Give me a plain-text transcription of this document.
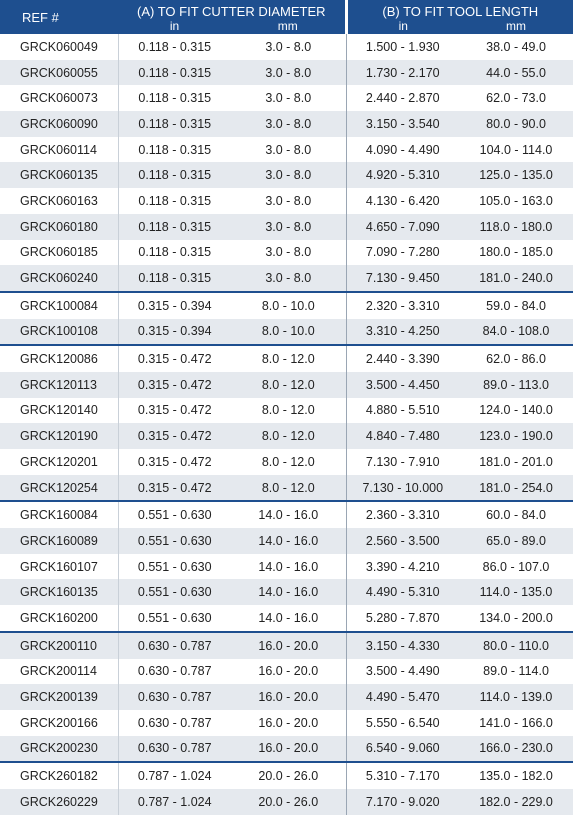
REF #	(A) TO FIT CUTTER DIAMETER		(B) TO FIT TOOL LENGTH	
	in	mm	in	mm
GRCK060049	0.118 - 0.315	3.0 - 8.0	1.500 - 1.930	38.0 - 49.0
GRCK060055	0.118 - 0.315	3.0 - 8.0	1.730 - 2.170	44.0 - 55.0
GRCK060073	0.118 - 0.315	3.0 - 8.0	2.440 - 2.870	62.0 - 73.0
GRCK060090	0.118 - 0.315	3.0 - 8.0	3.150 - 3.540	80.0 - 90.0
GRCK060114	0.118 - 0.315	3.0 - 8.0	4.090 - 4.490	104.0 - 114.0
GRCK060135	0.118 - 0.315	3.0 - 8.0	4.920 - 5.310	125.0 - 135.0
GRCK060163	0.118 - 0.315	3.0 - 8.0	4.130 - 6.420	105.0 - 163.0
GRCK060180	0.118 - 0.315	3.0 - 8.0	4.650 - 7.090	118.0 - 180.0
GRCK060185	0.118 - 0.315	3.0 - 8.0	7.090 - 7.280	180.0 - 185.0
GRCK060240	0.118 - 0.315	3.0 - 8.0	7.130 - 9.450	181.0 - 240.0
GRCK100084	0.315 - 0.394	8.0 - 10.0	2.320 - 3.310	59.0 - 84.0
GRCK100108	0.315 - 0.394	8.0 - 10.0	3.310 - 4.250	84.0 - 108.0
GRCK120086	0.315 - 0.472	8.0 - 12.0	2.440 - 3.390	62.0 - 86.0
GRCK120113	0.315 - 0.472	8.0 - 12.0	3.500 - 4.450	89.0 - 113.0
GRCK120140	0.315 - 0.472	8.0 - 12.0	4.880 - 5.510	124.0 - 140.0
GRCK120190	0.315 - 0.472	8.0 - 12.0	4.840 - 7.480	123.0 - 190.0
GRCK120201	0.315 - 0.472	8.0 - 12.0	7.130 - 7.910	181.0 - 201.0
GRCK120254	0.315 - 0.472	8.0 - 12.0	7.130 - 10.000	181.0 - 254.0
GRCK160084	0.551 - 0.630	14.0 - 16.0	2.360 - 3.310	60.0 - 84.0
GRCK160089	0.551 - 0.630	14.0 - 16.0	2.560 - 3.500	65.0 - 89.0
GRCK160107	0.551 - 0.630	14.0 - 16.0	3.390 - 4.210	86.0 - 107.0
GRCK160135	0.551 - 0.630	14.0 - 16.0	4.490 - 5.310	114.0 - 135.0
GRCK160200	0.551 - 0.630	14.0 - 16.0	5.280 - 7.870	134.0 - 200.0
GRCK200110	0.630 - 0.787	16.0 - 20.0	3.150 - 4.330	80.0 - 110.0
GRCK200114	0.630 - 0.787	16.0 - 20.0	3.500 - 4.490	89.0 - 114.0
GRCK200139	0.630 - 0.787	16.0 - 20.0	4.490 - 5.470	114.0 - 139.0
GRCK200166	0.630 - 0.787	16.0 - 20.0	5.550 - 6.540	141.0 - 166.0
GRCK200230	0.630 - 0.787	16.0 - 20.0	6.540 - 9.060	166.0 - 230.0
GRCK260182	0.787 - 1.024	20.0 - 26.0	5.310 - 7.170	135.0 - 182.0
GRCK260229	0.787 - 1.024	20.0 - 26.0	7.170 - 9.020	182.0 - 229.0
